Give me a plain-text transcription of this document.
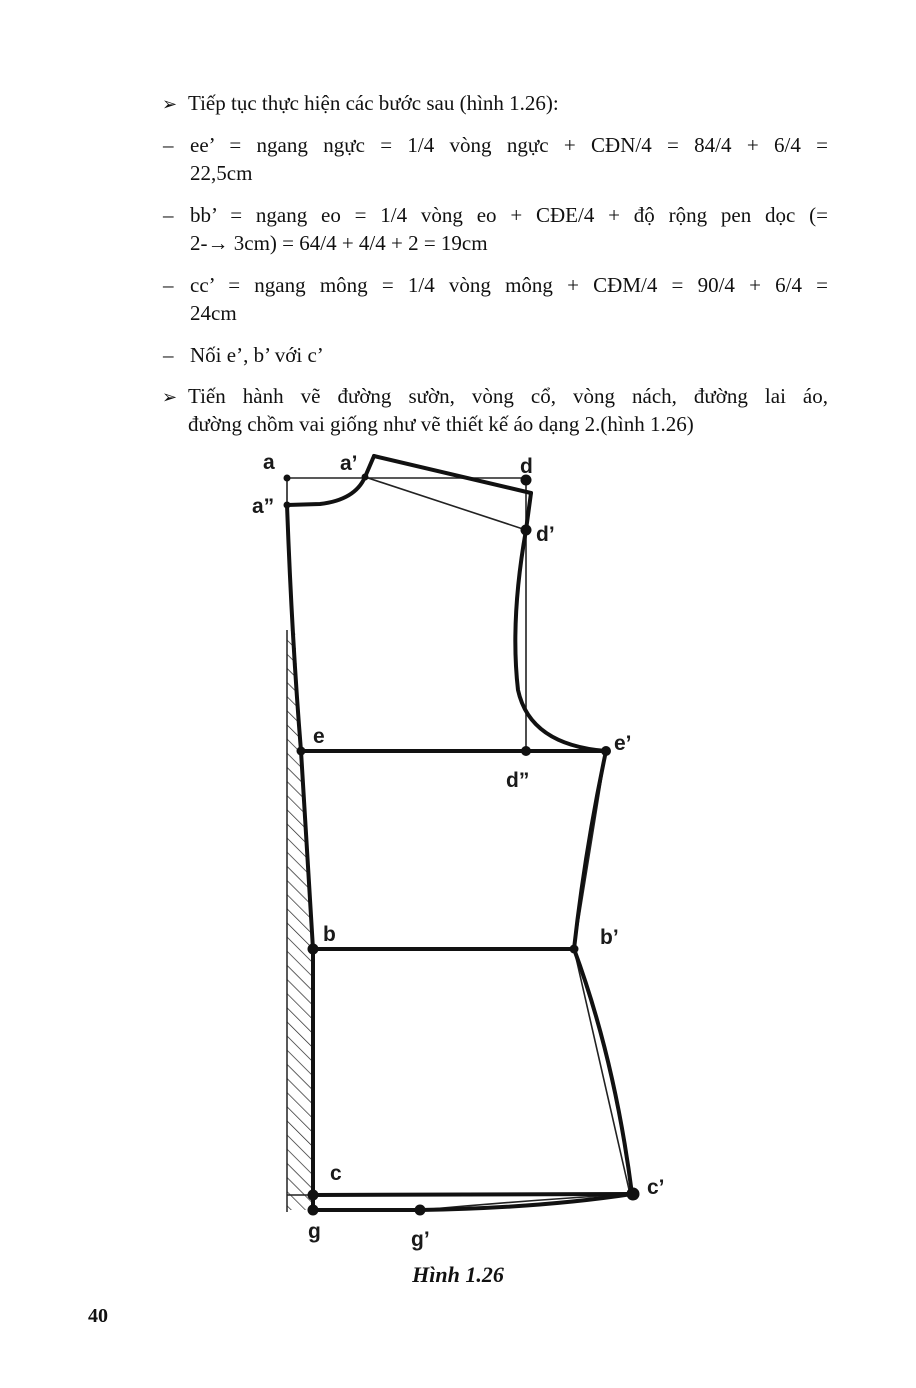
➢ Tiếp tục thực hiện các bước sau (hình 1.26):
– ee’ = ngang ngực = 1/4 vòng ngực + CĐN/4 = 84/4 + 6/4 =
22,5cm
– bb’ = ngang eo = 1/4 vòng eo + CĐE/4 + độ rộng pen dọc (=
2-→ 3cm) = 64/4 + 4/4 + 2 = 19cm
– cc’ = ngang mông = 1/4 vòng mông + CĐM/4 = 90/4 + 6/4 =
24cm
– Nối e’, b’ với c’
➢ Tiến hành vẽ đường sườn, vòng cổ, vòng nách, đường lai áo,
đường chồm vai giống như vẽ thiết kế áo dạng 2.(hình 1.26)
a	a’
a”
d
d’
d”
e	e’
b	b’
c
c’
g	g’
Hình 1.26
40
